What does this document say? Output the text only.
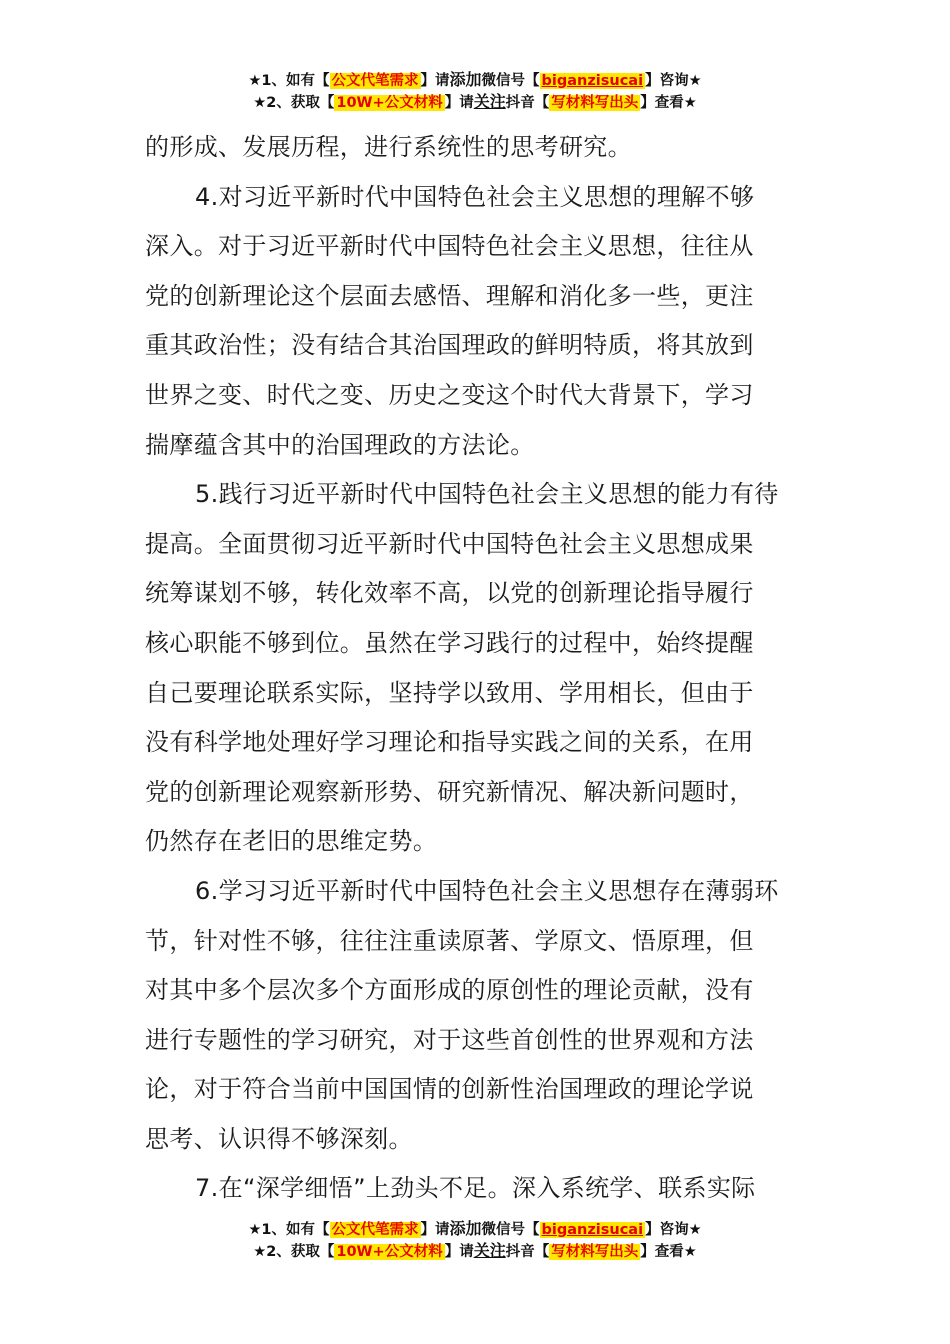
★1、如有【 公文代笔需求 】请添加微信号【 biganzisucai 】咨询★
★2、获取【 10W+公文材料 】请关注抖音【 写材料写出头 】查看★
的形成、发展历程，进行系统性的思考研究。
4.对习近平新时代中国特色社会主义思想的理解不够
深入。对于习近平新时代中国特色社会主义思想，往往从
党的创新理论这个层面去感悟、理解和消化多一些，更注
重其政治性；没有结合其治国理政的鲜明特质，将其放到
世界之变、时代之变、历史之变这个时代大背景下，学习
揣摩蕴含其中的治国理政的方法论。
5.践行习近平新时代中国特色社会主义思想的能力有待
提高。全面贯彻习近平新时代中国特色社会主义思想成果
统筹谋划不够，转化效率不高，以党的创新理论指导履行
核心职能不够到位。虽然在学习践行的过程中，始终提醒
自己要理论联系实际，坚持学以致用、学用相长，但由于
没有科学地处理好学习理论和指导实践之间的关系，在用
党的创新理论观察新形势、研究新情况、解决新问题时，
仍然存在老旧的思维定势。
6.学习习近平新时代中国特色社会主义思想存在薄弱环
节，针对性不够，往往注重读原著、学原文、悟原理，但
对其中多个层次多个方面形成的原创性的理论贡献，没有
进行专题性的学习研究，对于这些首创性的世界观和方法
论，对于符合当前中国国情的创新性治国理政的理论学说
思考、认识得不够深刻。
7.在“深学细悟”上劲头不足。深入系统学、联系实际
★1、如有【 公文代笔需求 】请添加微信号【 biganzisucai 】咨询★
★2、获取【 10W+公文材料 】请关注抖音【 写材料写出头 】查看★
